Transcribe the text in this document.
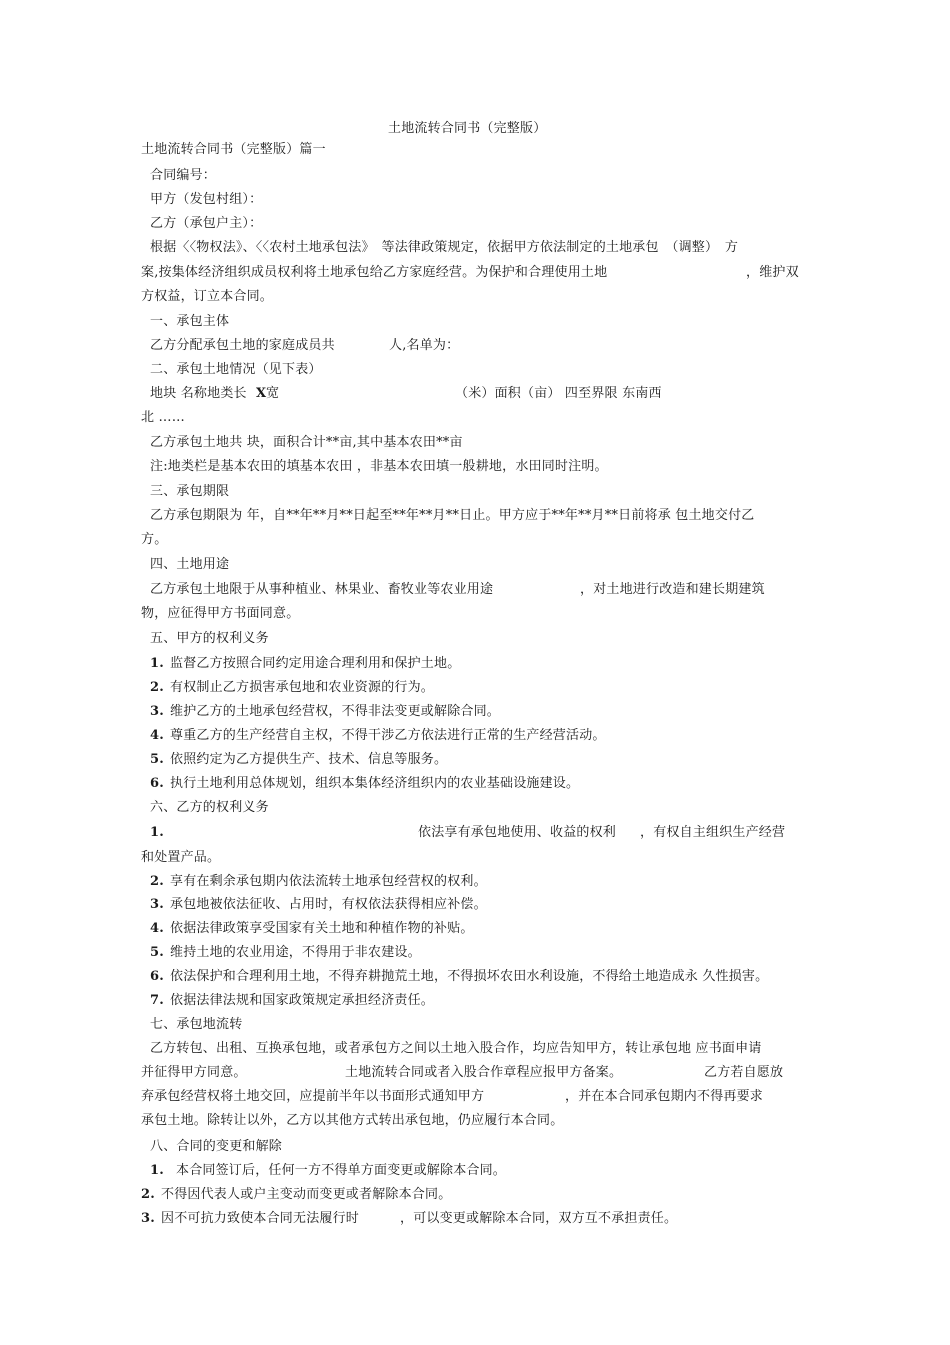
土地流转合同书（完整版）
土地流转合同书（完整版）篇一
合同编号：
甲方（发包村组）：
乙方（承包户主）：
根据〈〈物权法》、〈〈农村土地承包法》　等法律政策规定，依据甲方依法制定的土地承包　（调整）　方
案,按集体经济组织成员权利将土地承包给乙方家庭经营。为保护和合理使用土地	，维护双
方权益，订立本合同。
一、承包主体
乙方分配承包土地的家庭成员共	人,名单为：
二、承包土地情况（见下表）
地块 名称地类长 X 宽	（米）面积（亩） 四至界限 东南西
北 ……
乙方承包土地共 块，面积合计**亩,其中基本农田**亩
注:地类栏是基本农田的填基本农田 ，非基本农田填一般耕地，水田同时注明。
三、承包期限
乙方承包期限为 年，自**年**月**日起至**年**月**日止。甲方应于**年**月**日前将承 包土地交付乙
方。
四、土地用途
乙方承包土地限于从事种植业、林果业、畜牧业等农业用途	，对土地进行改造和建长期建筑
物，应征得甲方书面同意。
五、甲方的权利义务
1. 监督乙方按照合同约定用途合理利用和保护土地。
2. 有权制止乙方损害承包地和农业资源的行为。
3. 维护乙方的土地承包经营权，不得非法变更或解除合同。
4. 尊重乙方的生产经营自主权，不得干涉乙方依法进行正常的生产经营活动。
5. 依照约定为乙方提供生产、技术、信息等服务。
6. 执行土地利用总体规划，组织本集体经济组织内的农业基础设施建设。
六、乙方的权利义务
1.	依法享有承包地使用、收益的权利 ，有权自主组织生产经营
和处置产品。
2. 享有在剩余承包期内依法流转土地承包经营权的权利。
3. 承包地被依法征收、占用时，有权依法获得相应补偿。
4. 依据法律政策享受国家有关土地和种植作物的补贴。
5. 维持土地的农业用途，不得用于非农建设。
6. 依法保护和合理利用土地，不得弃耕抛荒土地，不得损坏农田水利设施，不得给土地造成永 久性损害。
7. 依据法律法规和国家政策规定承担经济责任。
七、承包地流转
乙方转包、出租、互换承包地，或者承包方之间以土地入股合作，均应告知甲方，转让承包地 应书面申请
并征得甲方同意。	土地流转合同或者入股合作章程应报甲方备案。	乙方若自愿放
弃承包经营权将土地交回，应提前半年以书面形式通知甲方	，并在本合同承包期内不得再要求
承包土地。除转让以外，乙方以其他方式转出承包地，仍应履行本合同。
八、合同的变更和解除
1. 本合同签订后，任何一方不得单方面变更或解除本合同。
2. 不得因代表人或户主变动而变更或者解除本合同。
3. 因不可抗力致使本合同无法履行时	，可以变更或解除本合同，双方互不承担责任。
